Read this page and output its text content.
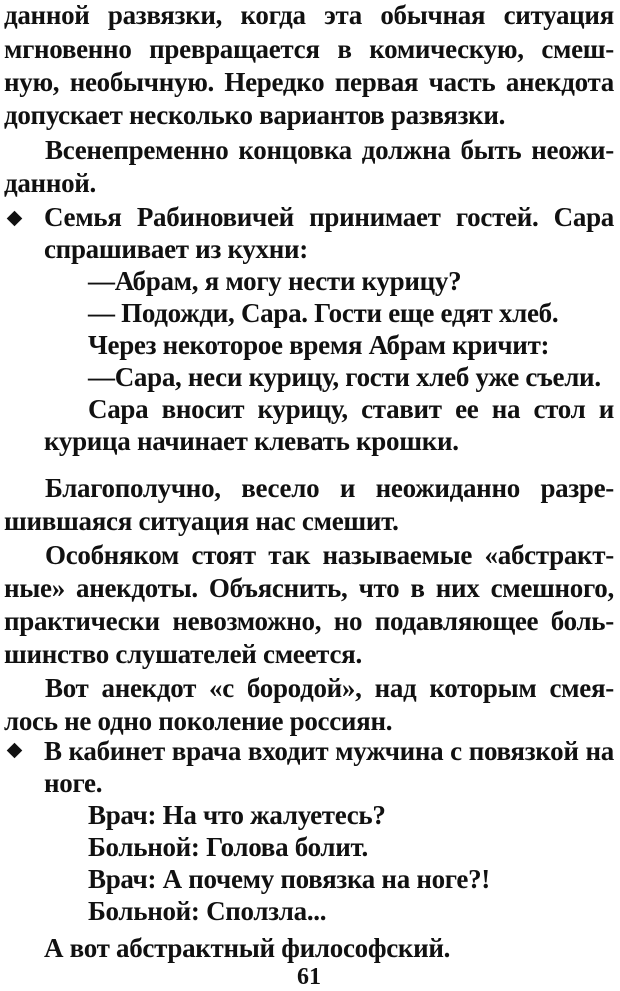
данной развязки, когда эта обычная ситуация
мгновенно превращается в комическую, смеш-
ную, необычную. Нередко первая часть анекдота
допускает несколько вариантов развязки.
Всенепременно концовка должна быть неожи-
данной.
Семья Рабиновичей принимает гостей. Сара
спрашивает из кухни:
—Абрам, я могу нести курицу?
— Подожди, Сара. Гости еще едят хлеб.
Через некоторое время Абрам кричит:
—Сара, неси курицу, гости хлеб уже съели.
Сара вносит курицу, ставит ее на стол и
курица начинает клевать крошки.
Благополучно, весело и неожиданно разре-
шившаяся ситуация нас смешит.
Особняком стоят так называемые «абстракт-
ные» анекдоты. Объяснить, что в них смешного,
практически невозможно, но подавляющее боль-
шинство слушателей смеется.
Вот анекдот «с бородой», над которым смея-
лось не одно поколение россиян.
В кабинет врача входит мужчина с повязкой на
ноге.
Врач: На что жалуетесь?
Больной: Голова болит.
Врач: А почему повязка на ноге?!
Больной: Сползла...
А вот абстрактный философский.
61
